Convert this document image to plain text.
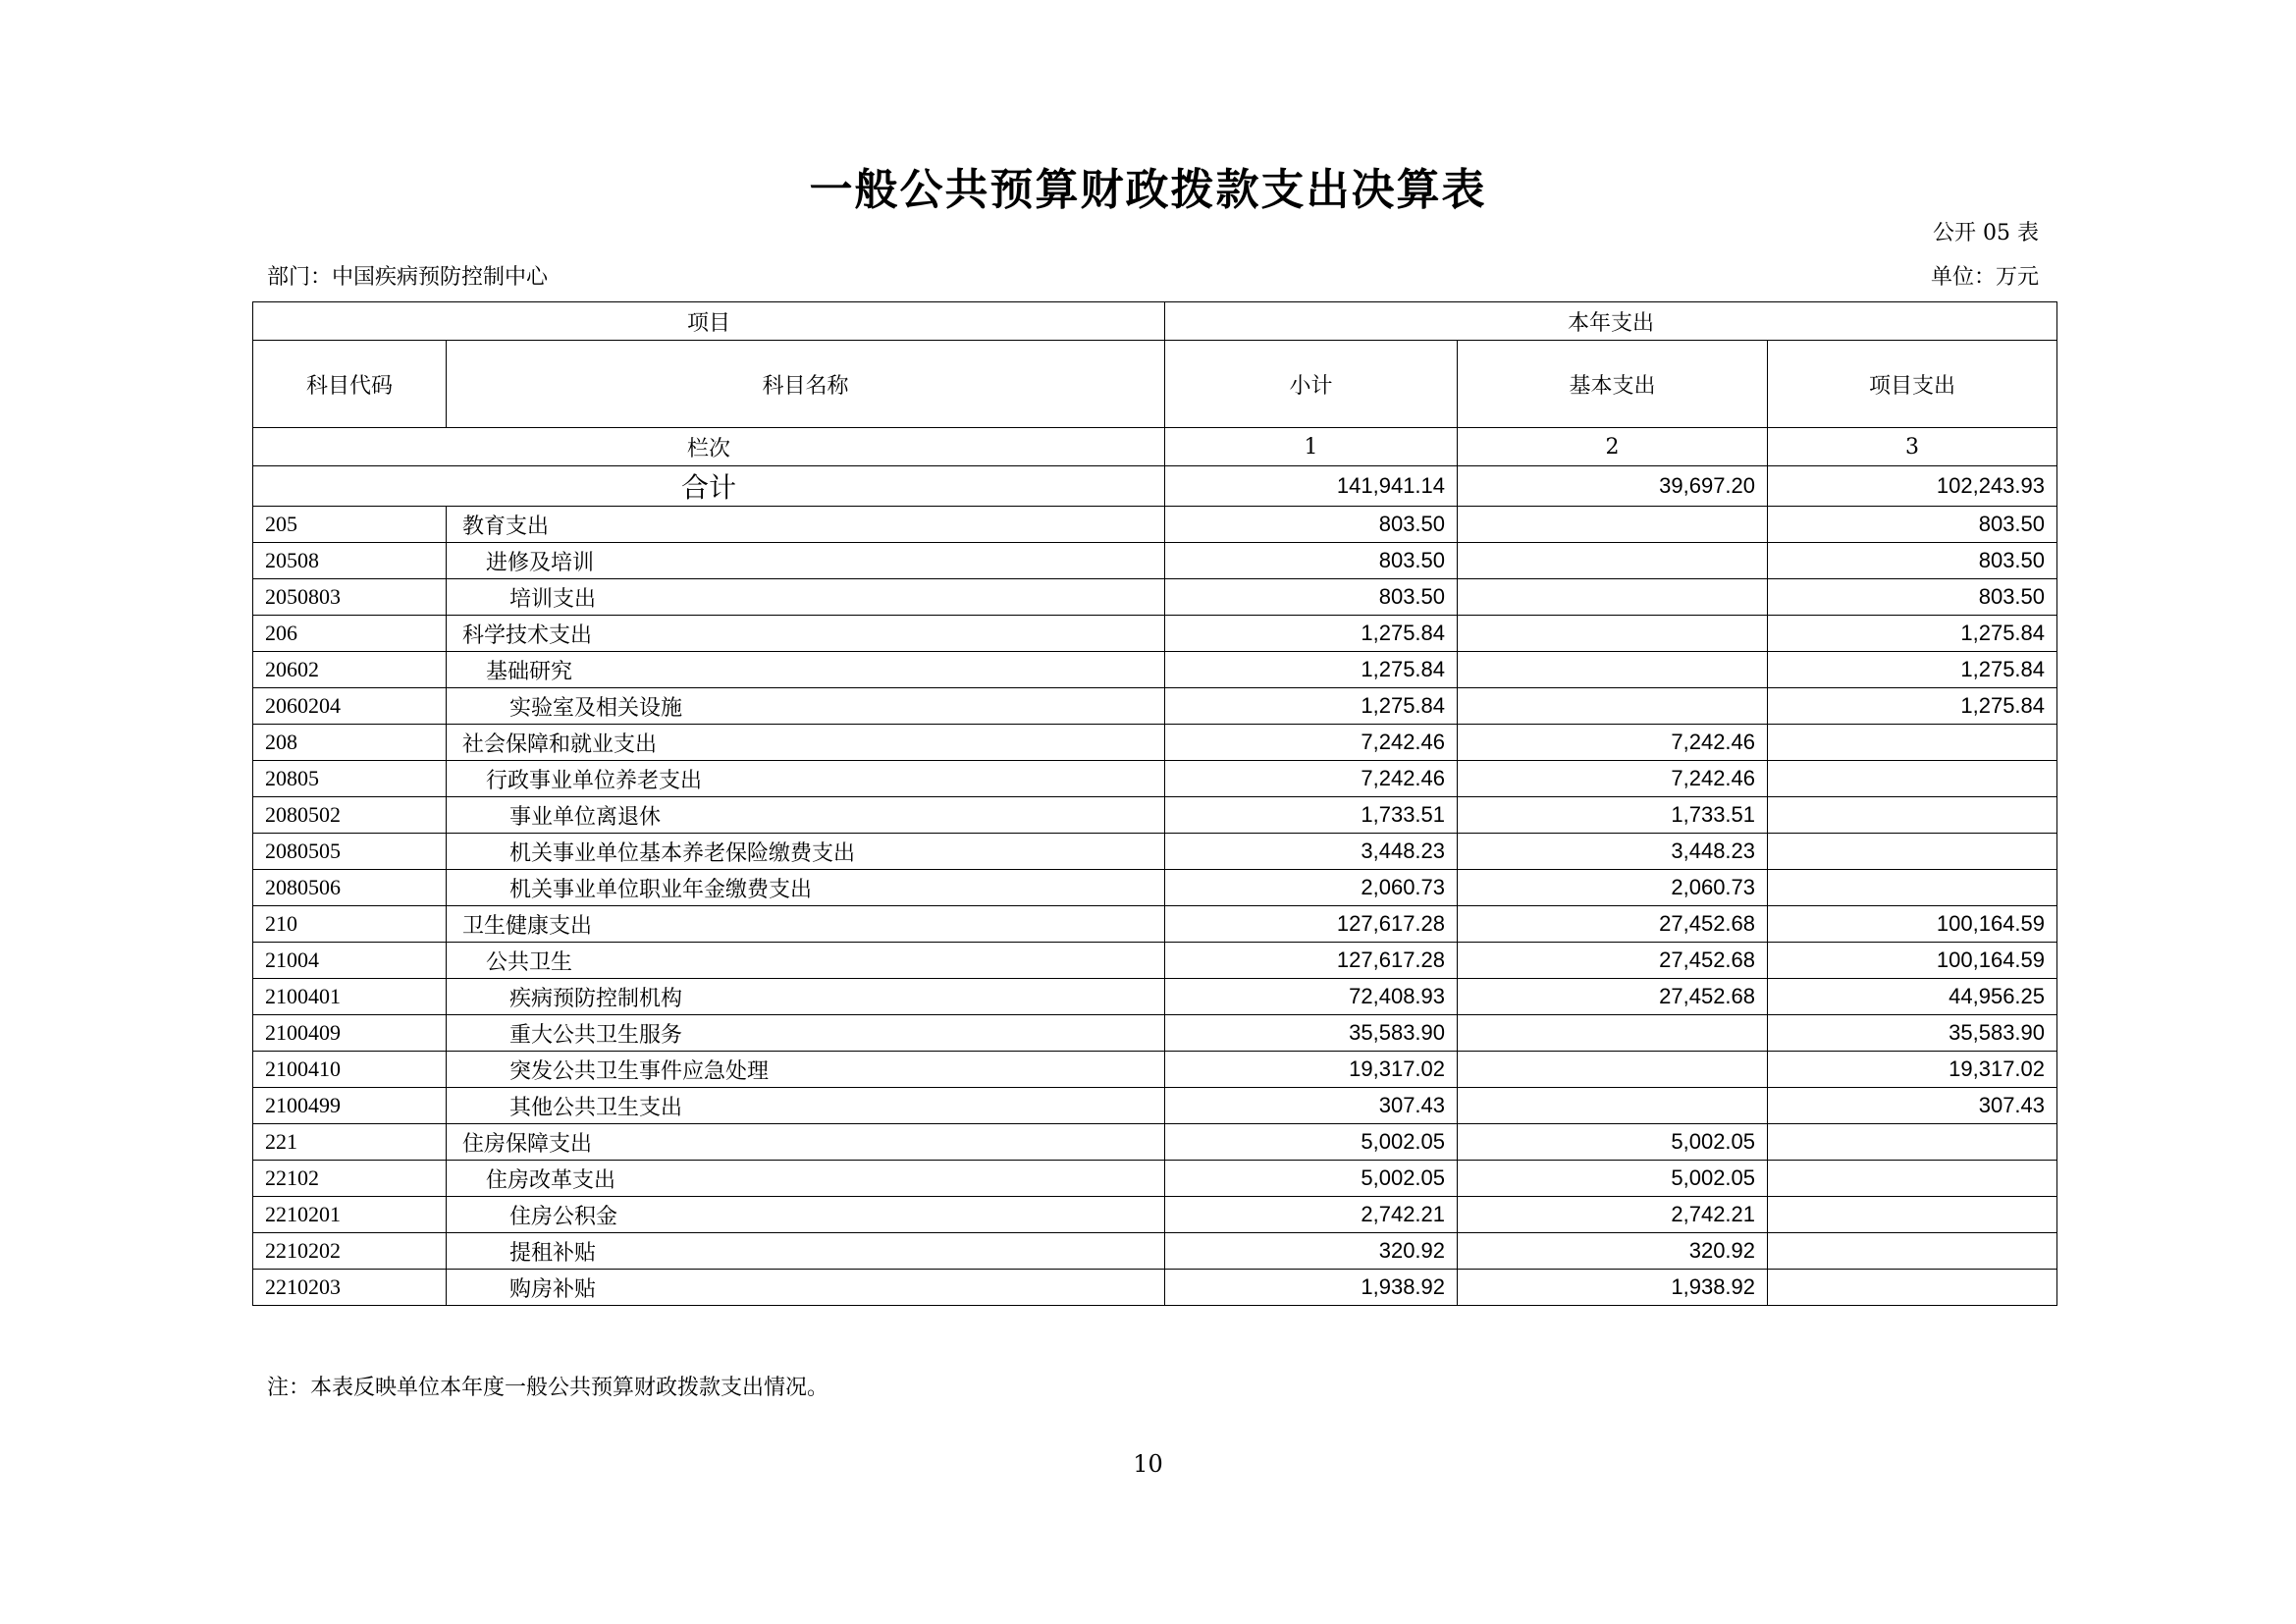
一般公共预算财政拨款支出决算表
公开 05 表
部门：中国疾病预防控制中心	单位：万元
项目		本年支出		
科目代码	科目名称	小计	基本支出	项目支出
栏次		1	2	3
合计		141,941.14	39,697.20	102,243.93
205	教育支出	803.50		803.50
20508	进修及培训	803.50		803.50
2050803	培训支出	803.50		803.50
206	科学技术支出	1,275.84		1,275.84
20602	基础研究	1,275.84		1,275.84
2060204	实验室及相关设施	1,275.84		1,275.84
208	社会保障和就业支出	7,242.46	7,242.46	
20805	行政事业单位养老支出	7,242.46	7,242.46	
2080502	事业单位离退休	1,733.51	1,733.51	
2080505	机关事业单位基本养老保险缴费支出	3,448.23	3,448.23	
2080506	机关事业单位职业年金缴费支出	2,060.73	2,060.73	
210	卫生健康支出	127,617.28	27,452.68	100,164.59
21004	公共卫生	127,617.28	27,452.68	100,164.59
2100401	疾病预防控制机构	72,408.93	27,452.68	44,956.25
2100409	重大公共卫生服务	35,583.90		35,583.90
2100410	突发公共卫生事件应急处理	19,317.02		19,317.02
2100499	其他公共卫生支出	307.43		307.43
221	住房保障支出	5,002.05	5,002.05	
22102	住房改革支出	5,002.05	5,002.05	
2210201	住房公积金	2,742.21	2,742.21	
2210202	提租补贴	320.92	320.92	
2210203	购房补贴	1,938.92	1,938.92	
注：本表反映单位本年度一般公共预算财政拨款支出情况。
10
